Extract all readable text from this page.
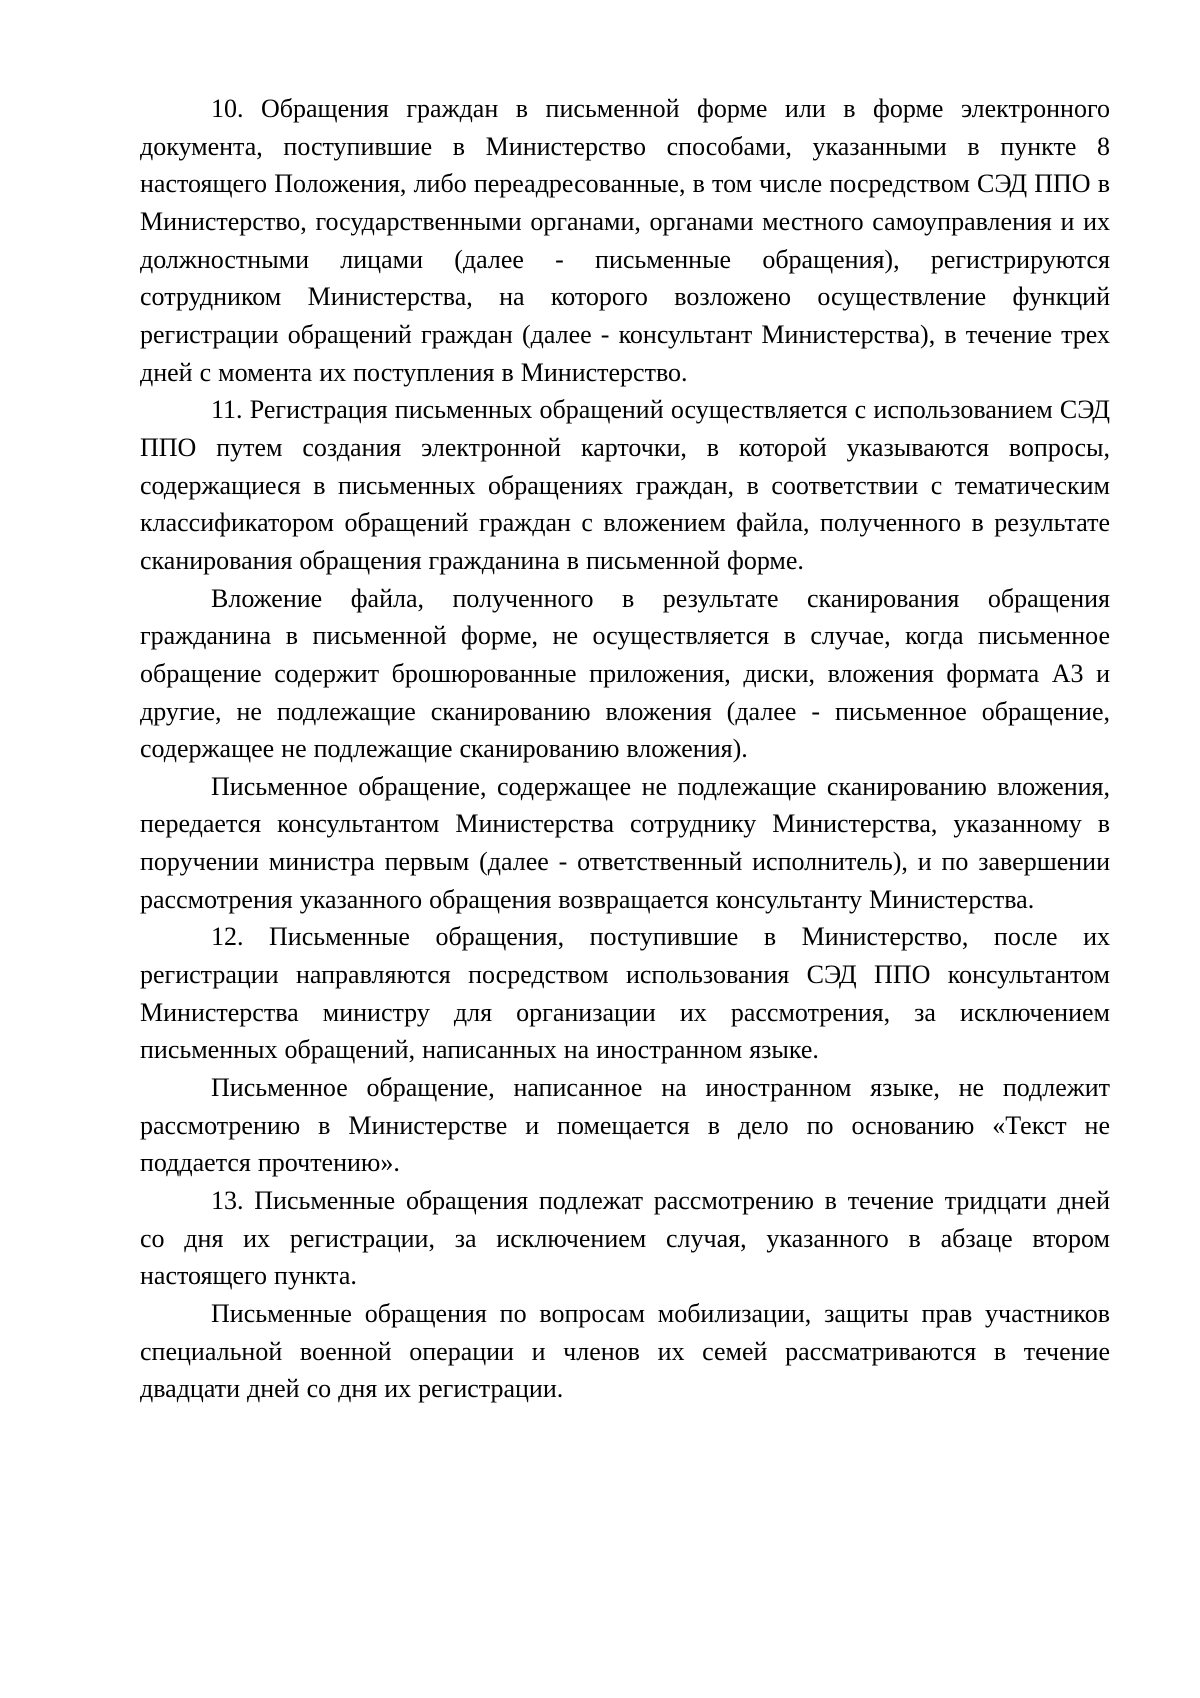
10. Обращения граждан в письменной форме или в форме электронного документа, поступившие в Министерство способами, указанными в пункте 8 настоящего Положения, либо переадресованные, в том числе посредством СЭД ППО в Министерство, государственными органами, органами местного самоуправления и их должностными лицами (далее - письменные обращения), регистрируются сотрудником Министерства, на которого возложено осуществление функций регистрации обращений граждан (далее - консультант Министерства), в течение трех дней с момента их поступления в Министерство.

11. Регистрация письменных обращений осуществляется с использованием СЭД ППО путем создания электронной карточки, в которой указываются вопросы, содержащиеся в письменных обращениях граждан, в соответствии с тематическим классификатором обращений граждан с вложением файла, полученного в результате сканирования обращения гражданина в письменной форме.

Вложение файла, полученного в результате сканирования обращения гражданина в письменной форме, не осуществляется в случае, когда письменное обращение содержит брошюрованные приложения, диски, вложения формата А3 и другие, не подлежащие сканированию вложения (далее - письменное обращение, содержащее не подлежащие сканированию вложения).

Письменное обращение, содержащее не подлежащие сканированию вложения, передается консультантом Министерства сотруднику Министерства, указанному в поручении министра первым (далее - ответственный исполнитель), и по завершении рассмотрения указанного обращения возвращается консультанту Министерства.

12. Письменные обращения, поступившие в Министерство, после их регистрации направляются посредством использования СЭД ППО консультантом Министерства министру для организации их рассмотрения, за исключением письменных обращений, написанных на иностранном языке.

Письменное обращение, написанное на иностранном языке, не подлежит рассмотрению в Министерстве и помещается в дело по основанию «Текст не поддается прочтению».

13. Письменные обращения подлежат рассмотрению в течение тридцати дней со дня их регистрации, за исключением случая, указанного в абзаце втором настоящего пункта.

Письменные обращения по вопросам мобилизации, защиты прав участников специальной военной операции и членов их семей рассматриваются в течение двадцати дней со дня их регистрации.
